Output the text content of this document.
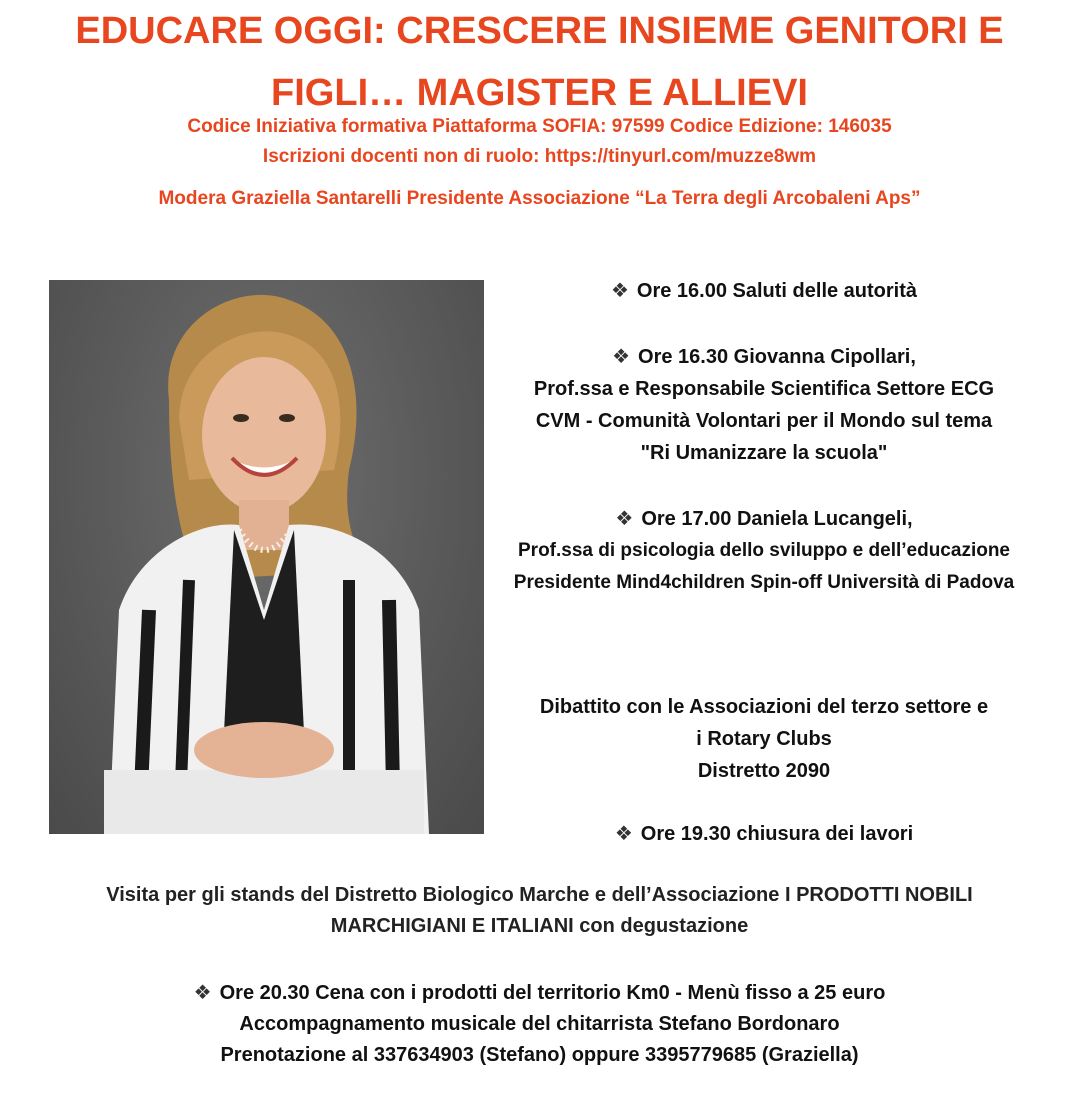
EDUCARE OGGI: CRESCERE INSIEME GENITORI E
FIGLI… MAGISTER E ALLIEVI
Codice Iniziativa formativa Piattaforma SOFIA: 97599 Codice Edizione: 146035
Iscrizioni docenti non di ruolo: https://tinyurl.com/muzze8wm
Modera Graziella Santarelli Presidente Associazione “La Terra degli Arcobaleni Aps”
❖ Ore 16.00 Saluti delle autorità
❖ Ore 16.30 Giovanna Cipollari,
Prof.ssa e Responsabile Scientifica Settore ECG
CVM - Comunità Volontari per il Mondo sul tema
"Ri Umanizzare la scuola"
❖ Ore 17.00 Daniela Lucangeli,
Prof.ssa di psicologia dello sviluppo e dell’educazione
Presidente Mind4children Spin-off Università di Padova
Dibattito con le Associazioni del terzo settore e
i Rotary Clubs
Distretto 2090
❖ Ore 19.30 chiusura dei lavori
Visita per gli stands del Distretto Biologico Marche e dell’Associazione I PRODOTTI NOBILI
MARCHIGIANI E ITALIANI con degustazione
❖ Ore 20.30 Cena con i prodotti del territorio Km0 - Menù fisso a 25 euro
Accompagnamento musicale del chitarrista Stefano Bordonaro
Prenotazione al 337634903 (Stefano) oppure 3395779685 (Graziella)
